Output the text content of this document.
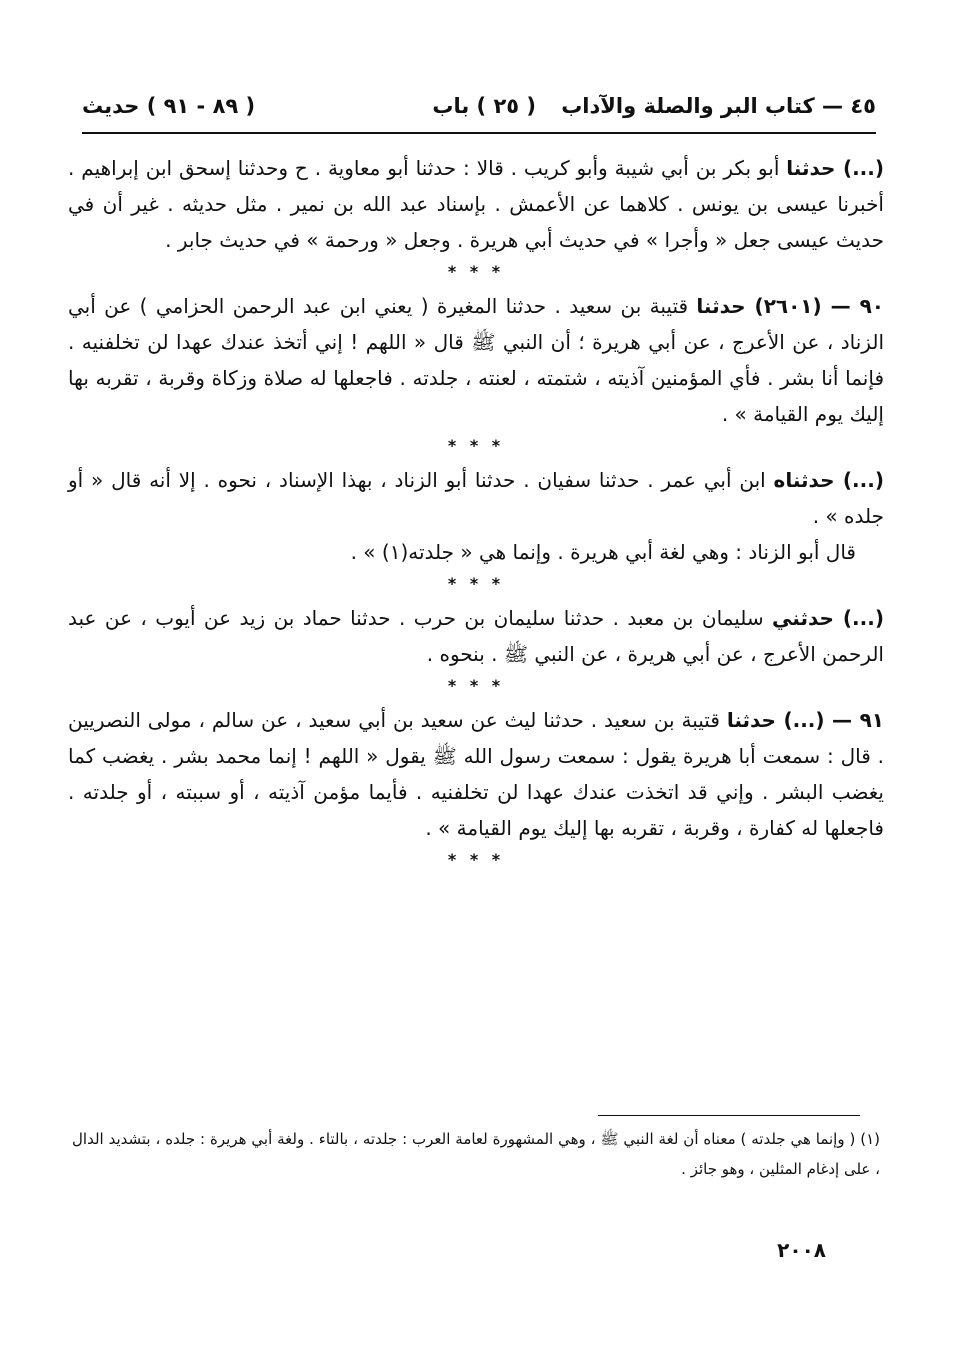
٤٥ — كتاب البر والصلة والآداب
( ٢٥ ) باب
( ٨٩ - ٩١ ) حديث

(...) حدثنا أبو بكر بن أبي شيبة وأبو كريب . قالا : حدثنا أبو معاوية . ح وحدثنا إسحق ابن إبراهيم . أخبرنا عيسى بن يونس . كلاهما عن الأعمش . بإسناد عبد الله بن نمير . مثل حديثه . غير أن في حديث عيسى جعل « وأجرا » في حديث أبي هريرة . وجعل « ورحمة » في حديث جابر .

* * *

٩٠ — (٢٦٠١) حدثنا قتيبة بن سعيد . حدثنا المغيرة ( يعني ابن عبد الرحمن الحزامي ) عن أبي الزناد ، عن الأعرج ، عن أبي هريرة ؛ أن النبي ﷺ قال « اللهم ! إني أتخذ عندك عهدا لن تخلفنيه . فإنما أنا بشر . فأي المؤمنين آذيته ، شتمته ، لعنته ، جلدته . فاجعلها له صلاة وزكاة وقربة ، تقربه بها إليك يوم القيامة » .

* * *

(...) حدثناه ابن أبي عمر . حدثنا سفيان . حدثنا أبو الزناد ، بهذا الإسناد ، نحوه . إلا أنه قال « أو جلده » .

قال أبو الزناد : وهي لغة أبي هريرة . وإنما هي « جلدته(١) » .

* * *

(...) حدثني سليمان بن معبد . حدثنا سليمان بن حرب . حدثنا حماد بن زيد عن أيوب ، عن عبد الرحمن الأعرج ، عن أبي هريرة ، عن النبي ﷺ . بنحوه .

* * *

٩١ — (...) حدثنا قتيبة بن سعيد . حدثنا ليث عن سعيد بن أبي سعيد ، عن سالم ، مولى النصريين . قال : سمعت أبا هريرة يقول : سمعت رسول الله ﷺ يقول « اللهم ! إنما محمد بشر . يغضب كما يغضب البشر . وإني قد اتخذت عندك عهدا لن تخلفنيه . فأيما مؤمن آذيته ، أو سببته ، أو جلدته . فاجعلها له كفارة ، وقربة ، تقربه بها إليك يوم القيامة » .

* * *
(١) ( وإنما هي جلدته ) معناه أن لغة النبي ﷺ ، وهي المشهورة لعامة العرب : جلدته ، بالتاء . ولغة أبي هريرة : جلده ، بتشديد الدال ، على إدغام المثلين ، وهو جائز .
٢٠٠٨
